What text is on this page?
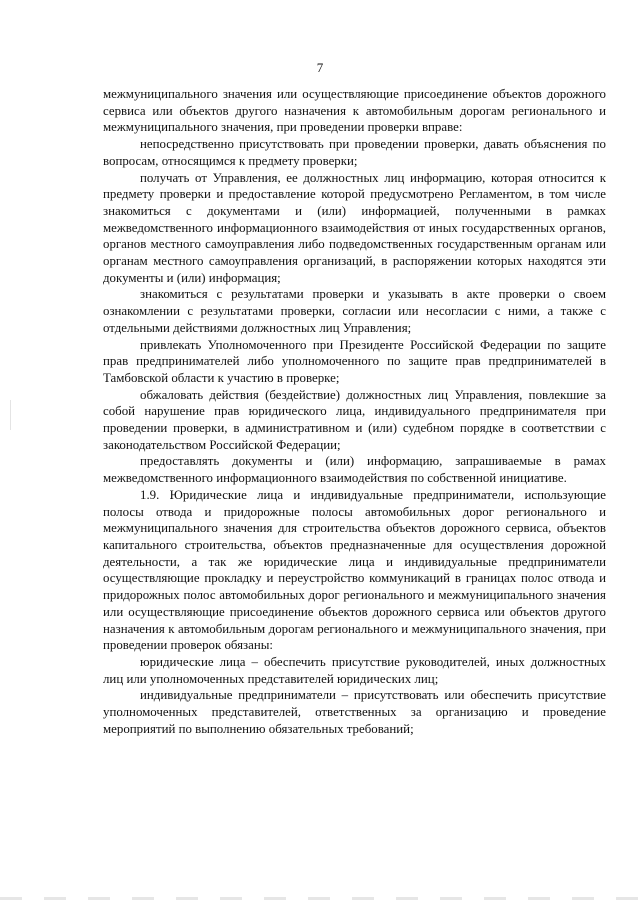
7

межмуниципального значения или осуществляющие присоединение объектов дорожного сервиса или объектов другого назначения к автомобильным дорогам регионального и межмуниципального значения, при проведении проверки вправе:

непосредственно присутствовать при проведении проверки, давать объяснения по вопросам, относящимся к предмету проверки;

получать от Управления, ее должностных лиц информацию, которая относится к предмету проверки и предоставление которой предусмотрено Регламентом, в том числе знакомиться с документами и (или) информацией, полученными в рамках межведомственного информационного взаимодействия от иных государственных органов, органов местного самоуправления либо подведомственных государственным органам или органам местного самоуправления организаций, в распоряжении которых находятся эти документы и (или) информация;

знакомиться с результатами проверки и указывать в акте проверки о своем ознакомлении с результатами проверки, согласии или несогласии с ними, а также с отдельными действиями должностных лиц Управления;

привлекать Уполномоченного при Президенте Российской Федерации по защите прав предпринимателей либо уполномоченного по защите прав предпринимателей в Тамбовской области к участию в проверке;

обжаловать действия (бездействие) должностных лиц Управления, повлекшие за собой нарушение прав юридического лица, индивидуального предпринимателя при проведении проверки, в административном и (или) судебном порядке в соответствии с законодательством Российской Федерации;

предоставлять документы и (или) информацию, запрашиваемые в рамах межведомственного информационного взаимодействия по собственной инициативе.

1.9. Юридические лица и индивидуальные предприниматели, использующие полосы отвода и придорожные полосы автомобильных дорог регионального и межмуниципального значения для строительства объектов дорожного сервиса, объектов капитального строительства, объектов предназначенные для осуществления дорожной деятельности, а так же юридические лица и индивидуальные предприниматели осуществляющие прокладку и переустройство коммуникаций в границах полос отвода и придорожных полос автомобильных дорог регионального и межмуниципального значения или осуществляющие присоединение объектов дорожного сервиса или объектов другого назначения к автомобильным дорогам регионального и межмуниципального значения, при проведении проверок обязаны:

юридические лица – обеспечить присутствие руководителей, иных должностных лиц или уполномоченных представителей юридических лиц;

индивидуальные предприниматели – присутствовать или обеспечить присутствие уполномоченных представителей, ответственных за организацию и проведение мероприятий по выполнению обязательных требований;
